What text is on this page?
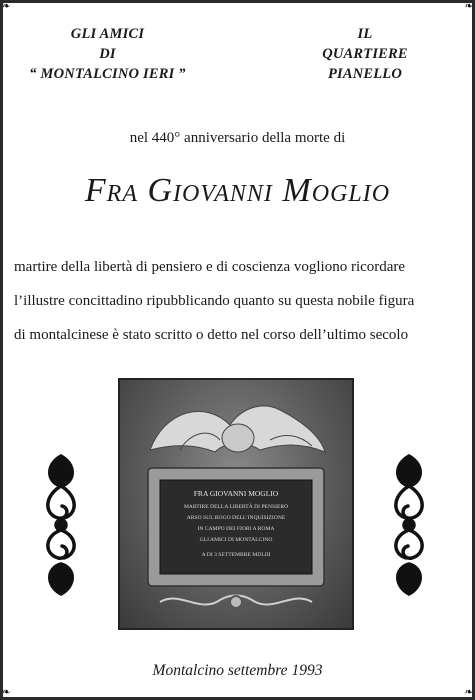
❧	❧
❧	❧
GLI AMICI
DI
“ MONTALCINO IERI ”
IL
QUARTIERE
PIANELLO
nel 440° anniversario della morte di
Fra Giovanni Moglio
martire della libertà di pensiero e di coscienza vogliono ricordare
l’illustre concittadino ripubblicando quanto su questa nobile figura
di montalcinese è stato scritto o detto nel corso dell’ultimo secolo
FRA GIOVANNI MOGLIO
MARTIRE DELLA LIBERTÀ DI PENSIERO
ARSO SUL ROGO DELL’INQUISIZIONE
IN CAMPO DEI FIORI A ROMA
GLI AMICI DI MONTALCINO
A DI 3 SETTEMBRE MDLIII
Montalcino settembre 1993
